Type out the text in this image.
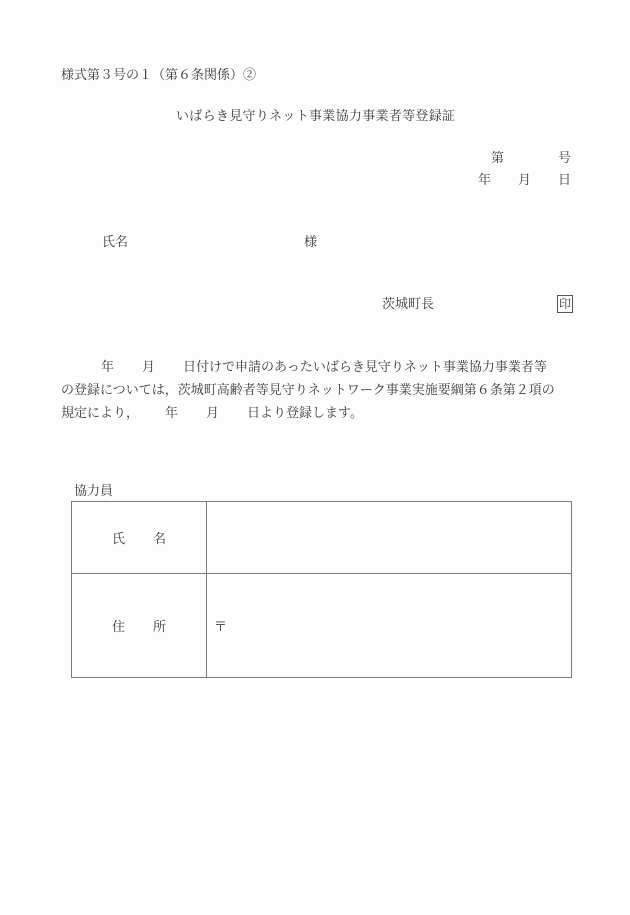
様式第３号の１（第６条関係）②
いばらき見守りネット事業協力事業者等登録証
第	号
年 月 日
氏名	様
茨城町長	印
年 月 日付けで申請のあったいばらき見守りネット事業協力事業者等
の登録については，茨城町高齢者等見守りネットワーク事業実施要綱第６条第２項の
規定により， 年 月 日より登録します。
協力員
氏 名	
住 所	〒
